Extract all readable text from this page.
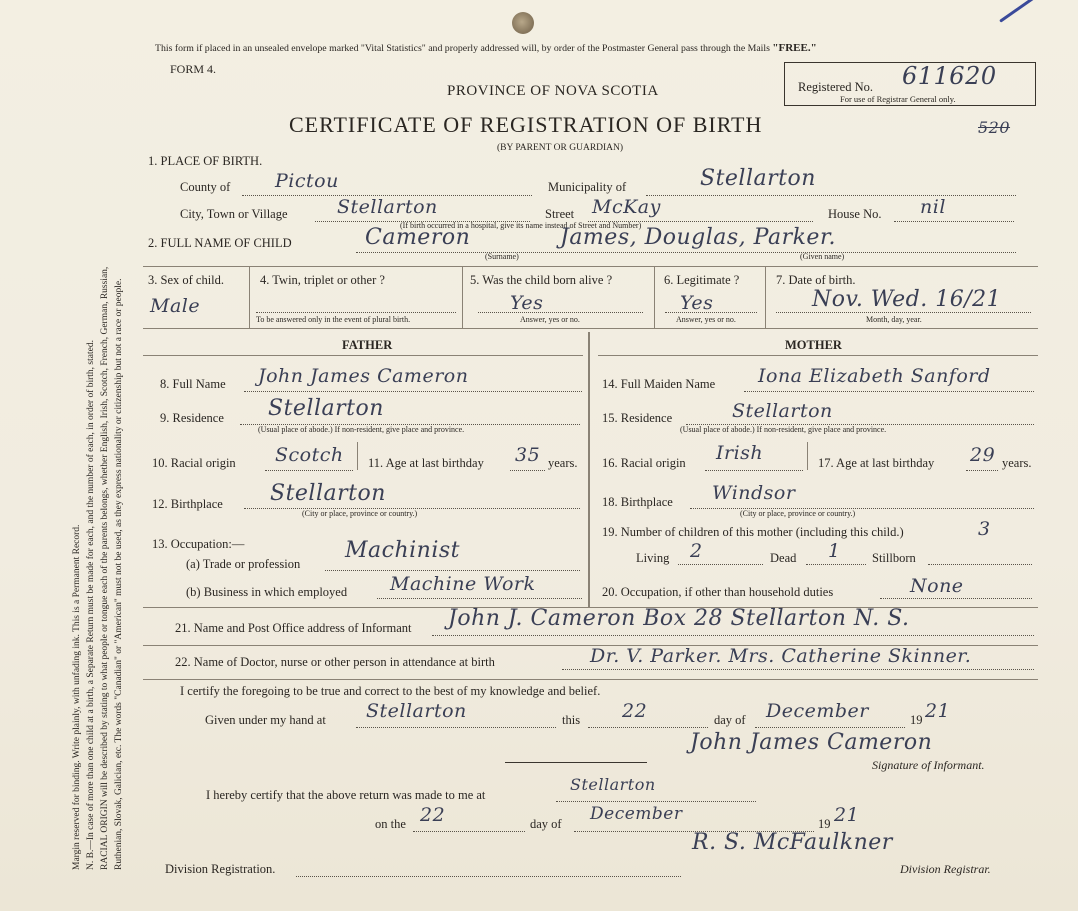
Margin reserved for binding. Write plainly, with unfading ink. This is a Permanent Record. N. B.—In case of more than one child at a birth, a Separate Return must be made for each, and the number of each, in order of birth, stated. RACIAL ORIGIN will be described by stating to what people or tongue each of the parents belongs, whether English, Irish, Scotch, French, German, Russian, Ruthenian, Slovak, Galician, etc. The words "Canadian" or "American" must not be used, as they express nationality or citizenship but not a race or people.
This form if placed in an unsealed envelope marked "Vital Statistics" and properly addressed will, by order of the Postmaster General pass through the Mails "FREE."
FORM 4.
PROVINCE OF NOVA SCOTIA
CERTIFICATE OF REGISTRATION OF BIRTH
(BY PARENT OR GUARDIAN)
Registered No. 611620
For use of Registrar General only.
520
1. PLACE OF BIRTH.
County of Pictou	Municipality of	Stellarton
City, Town or Village	Stellarton	Street McKay
(If birth occurred in a hospital, give its name instead of Street and Number)
House No. nil
2. FULL NAME OF CHILD	Cameron	James, Douglas, Parker.
(Surname)	(Given name)
3. Sex of child.
Male
4. Twin, triplet or other ?
To be answered only in the event of plural birth.
5. Was the child born alive ?
Yes
Answer, yes or no.
6. Legitimate ?
Yes
Answer, yes or no.
7. Date of birth.
Nov. Wed. 16/21
Month, day, year.
FATHER	MOTHER
8. Full Name John James Cameron
9. Residence Stellarton
(Usual place of abode.) If non-resident, give place and province.
10. Racial origin Scotch 11. Age at last birthday 35 years.
12. Birthplace Stellarton
(City or place, province or country.)
13. Occupation:—
(a) Trade or profession
Machinist
(b) Business in which employed Machine Work
14. Full Maiden Name Iona Elizabeth Sanford
15. Residence	Stellarton
(Usual place of abode.) If non-resident, give place and province.
16. Racial origin Irish	17. Age at last birthday 29 years.
18. Birthplace Windsor
(City or place, province or country.)
19. Number of children of this mother (including this child.)	3
Living 2	Dead 1	Stillborn
20. Occupation, if other than household duties	None
21. Name and Post Office address of Informant John J. Cameron Box 28 Stellarton N. S.
22. Name of Doctor, nurse or other person in attendance at birth	Dr. V. Parker. Mrs. Catherine Skinner.
I certify the foregoing to be true and correct to the best of my knowledge and belief.
Given under my hand at Stellarton	this 22	day of December	19 21
John James Cameron
Signature of Informant.
I hereby certify that the above return was made to me at
Stellarton
on the 22	day of December	19 21
Division Registration.
R. S. McFaulkner
Division Registrar.
